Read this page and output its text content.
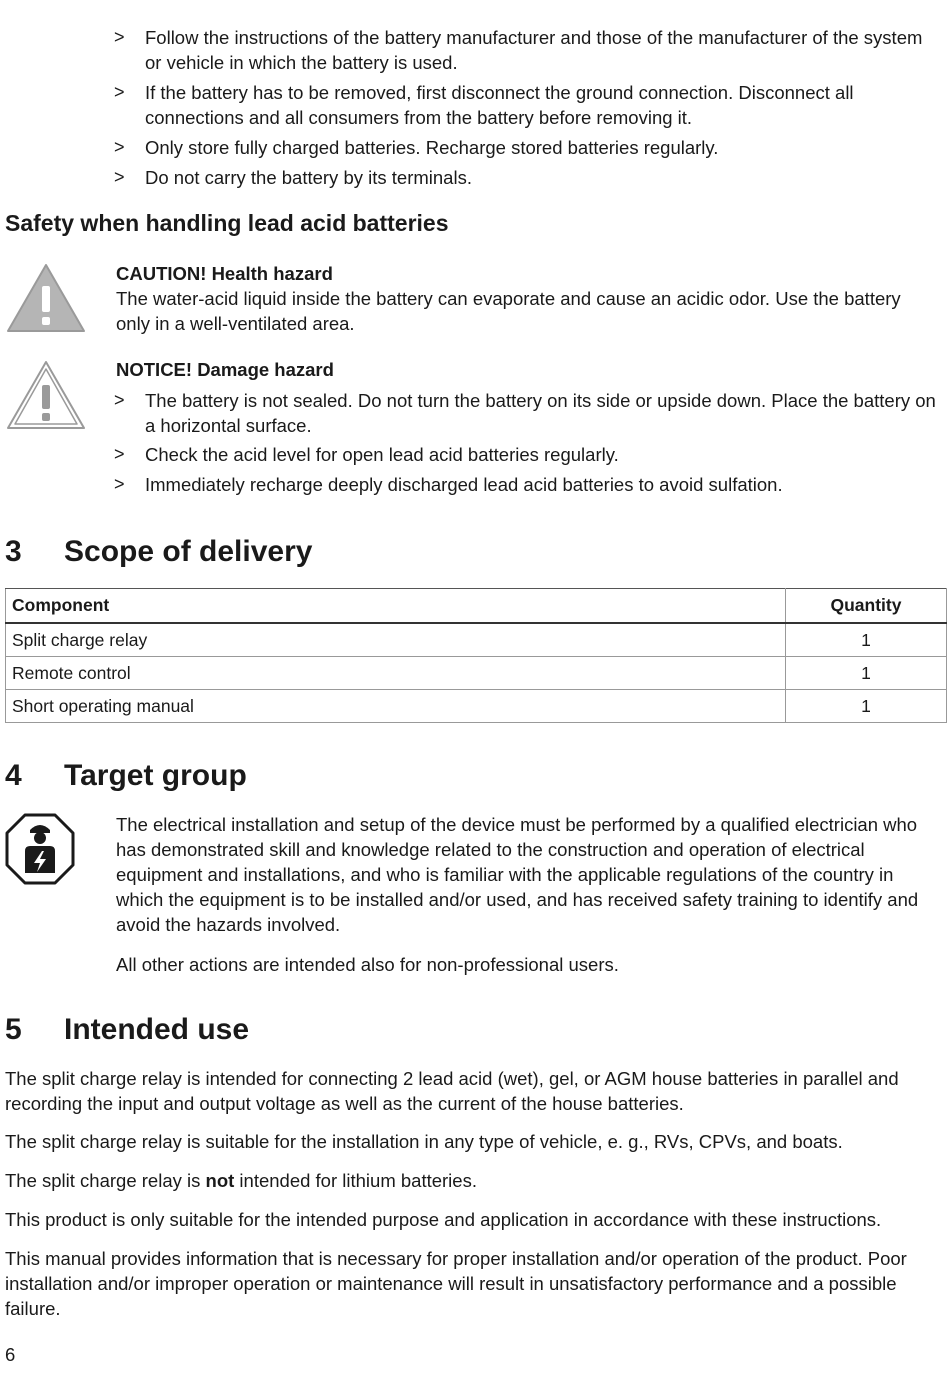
> Follow the instructions of the battery manufacturer and those of the manufacturer of the system or vehicle in which the battery is used.
> If the battery has to be removed, first disconnect the ground connection. Disconnect all connections and all consumers from the battery before removing it.
> Only store fully charged batteries. Recharge stored batteries regularly.
> Do not carry the battery by its terminals.
Safety when handling lead acid batteries
CAUTION! Health hazard
The water-acid liquid inside the battery can evaporate and cause an acidic odor. Use the battery only in a well-ventilated area.
NOTICE! Damage hazard
> The battery is not sealed. Do not turn the battery on its side or upside down. Place the battery on a horizontal surface.
> Check the acid level for open lead acid batteries regularly.
> Immediately recharge deeply discharged lead acid batteries to avoid sulfation.
3 Scope of delivery
Component	Quantity
Split charge relay	1
Remote control	1
Short operating manual	1
4 Target group
The electrical installation and setup of the device must be performed by a qualified electrician who has demonstrated skill and knowledge related to the construction and operation of electrical equipment and installations, and who is familiar with the applicable regulations of the country in which the equipment is to be installed and/or used, and has received safety training to identify and avoid the hazards involved.
All other actions are intended also for non-professional users.
5 Intended use
The split charge relay is intended for connecting 2 lead acid (wet), gel, or AGM house batteries in parallel and recording the input and output voltage as well as the current of the house batteries.
The split charge relay is suitable for the installation in any type of vehicle, e. g., RVs, CPVs, and boats.
The split charge relay is not intended for lithium batteries.
This product is only suitable for the intended purpose and application in accordance with these instructions.
This manual provides information that is necessary for proper installation and/or operation of the product. Poor installation and/or improper operation or maintenance will result in unsatisfactory performance and a possible failure.
6
